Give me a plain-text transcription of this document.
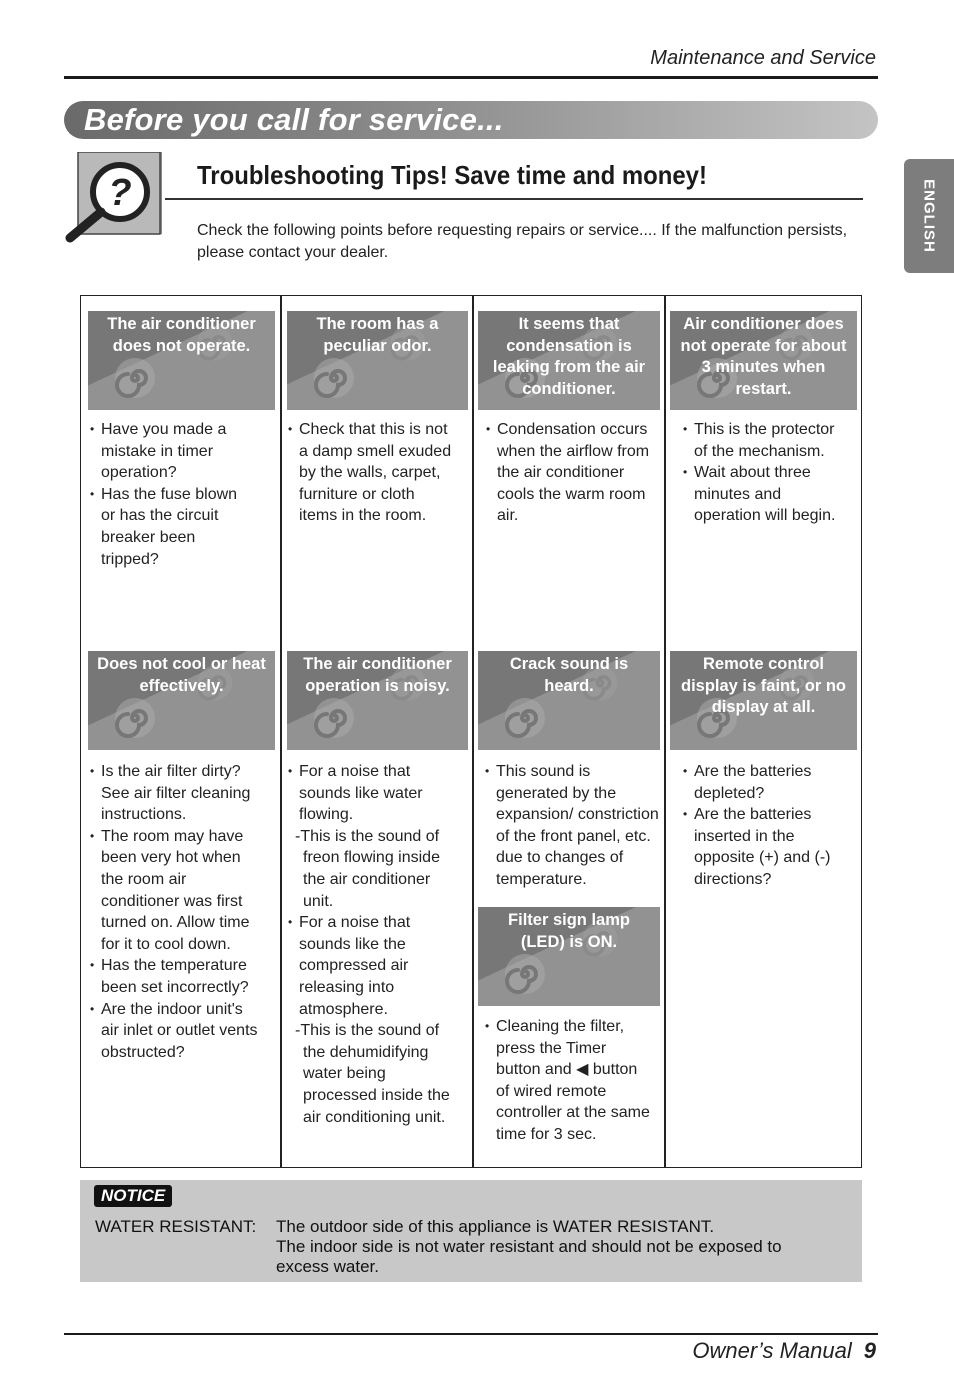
Maintenance and Service
Before you call for service...
ENGLISH
?	Troubleshooting Tips! Save time and money!
Check the following points before requesting repairs or service.... If the malfunction persists,
please contact your dealer.
The air conditioner
does not operate.
• Have you made a
mistake in timer
operation?
• Has the fuse blown
or has the circuit
breaker been
tripped?
The room has a
peculiar odor.
• Check that this is not
a damp smell exuded
by the walls, carpet,
furniture or cloth
items in the room.
It seems that
condensation is
leaking from the air
conditioner.
• Condensation occurs
when the airflow from
the air conditioner
cools the warm room
air.
Air conditioner does
not operate for about
3 minutes when
restart.
• This is the protector
of the mechanism.
• Wait about three
minutes and
operation will begin.
Does not cool or heat
effectively.
• Is the air filter dirty?
See air filter cleaning
instructions.
• The room may have
been very hot when
the room air
conditioner was first
turned on. Allow time
for it to cool down.
• Has the temperature
been set incorrectly?
• Are the indoor unit's
air inlet or outlet vents
obstructed?
The air conditioner
operation is noisy.
• For a noise that
sounds like water
flowing.
-This is the sound of
freon flowing inside
the air conditioner
unit.
• For a noise that
sounds like the
compressed air
releasing into
atmosphere.
-This is the sound of
the dehumidifying
water being
processed inside the
air conditioning unit.
Crack sound is
heard.
• This sound is
generated by the
expansion/ constriction
of the front panel, etc.
due to changes of
temperature.
Remote control
display is faint, or no
display at all.
• Are the batteries
depleted?
• Are the batteries
inserted in the
opposite (+) and (-)
directions?
Filter sign lamp
(LED) is ON.
• Cleaning the filter,
press the Timer
button and ◀ button
of wired remote
controller at the same
time for 3 sec.
NOTICE
WATER RESISTANT: The outdoor side of this appliance is WATER RESISTANT.
The indoor side is not water resistant and should not be exposed to
excess water.
Owner’s Manual 9
